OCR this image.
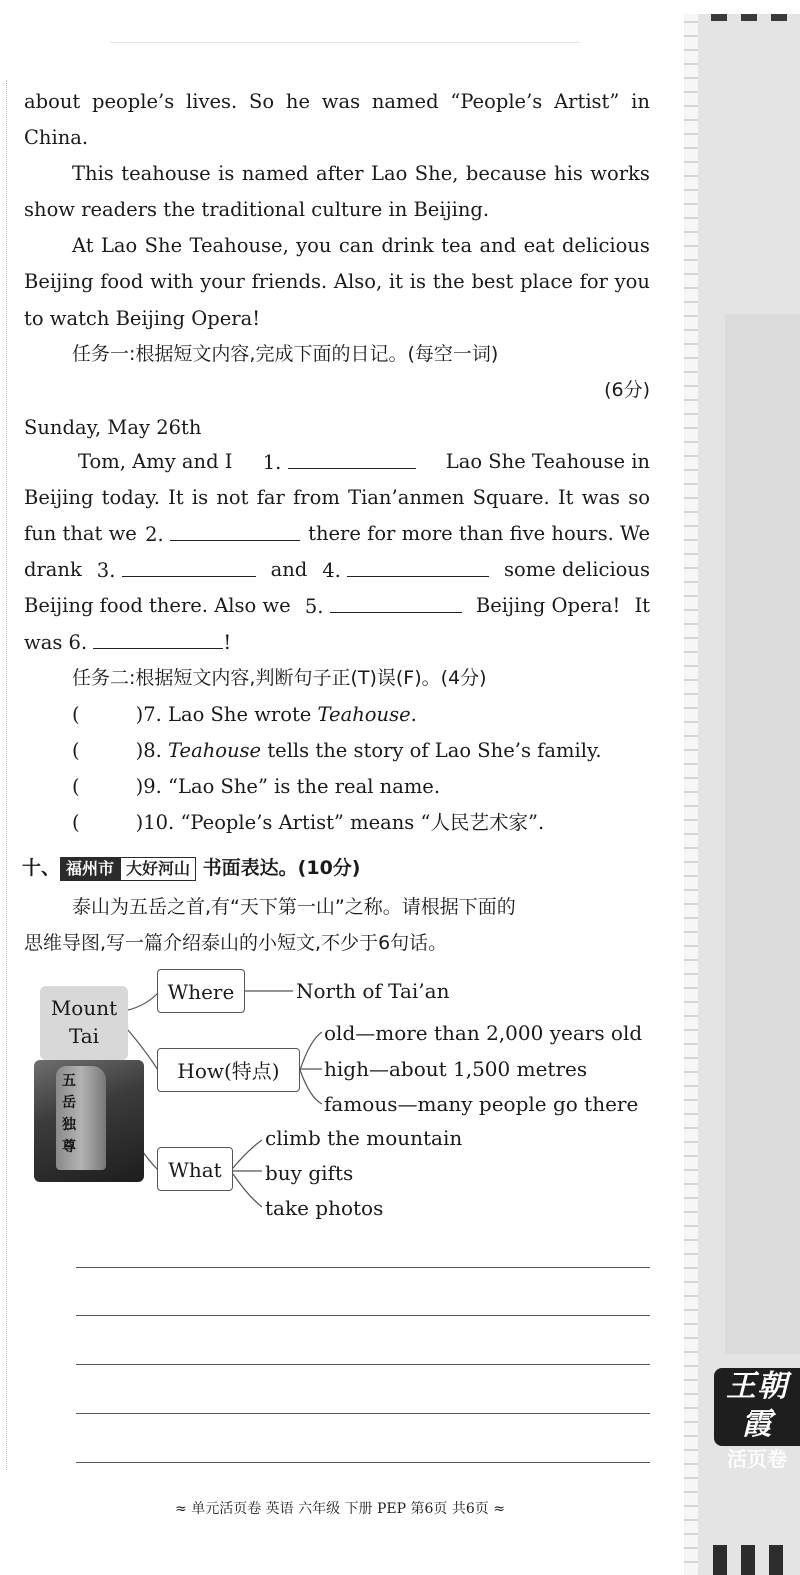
about people’s lives. So he was named “People’s Artist” in
China.
This teahouse is named after Lao She, because his works
show readers the traditional culture in Beijing.
At Lao She Teahouse, you can drink tea and eat delicious
Beijing food with your friends. Also, it is the best place for you
to watch Beijing Opera!
任务一:根据短文内容,完成下面的日记。(每空一词)
(6分)
Sunday, May 26th
Tom, Amy and I 1.	Lao She Teahouse in
Beijing today. It is not far from Tian’anmen Square. It was so
fun that we 2.	there for more than five hours. We
drank 3.	and 4.	some delicious
Beijing food there. Also we 5.	Beijing Opera! It
was 6.	!
任务二:根据短文内容,判断句子正(T)误(F)。(4分)
(	)7. Lao She wrote Teahouse.
(	)8. Teahouse tells the story of Lao She’s family.
(	)9. “Lao She” is the real name.
(	)10. “People’s Artist” means “人民艺术家”.
十、 福州市 大好河山 书面表达。(10分)
泰山为五岳之首,有“天下第一山”之称。请根据下面的
思维导图,写一篇介绍泰山的小短文,不少于6句话。
Mount
Tai
五岳独尊
Where	North of Tai’an
How(特点)
old—more than 2,000 years old
high—about 1,500 metres
famous—many people go there
What
climb the mountain
buy gifts
take photos
≈ 单元活页卷 英语 六年级 下册 PEP 第6页 共6页 ≈
王朝霞
活页卷
